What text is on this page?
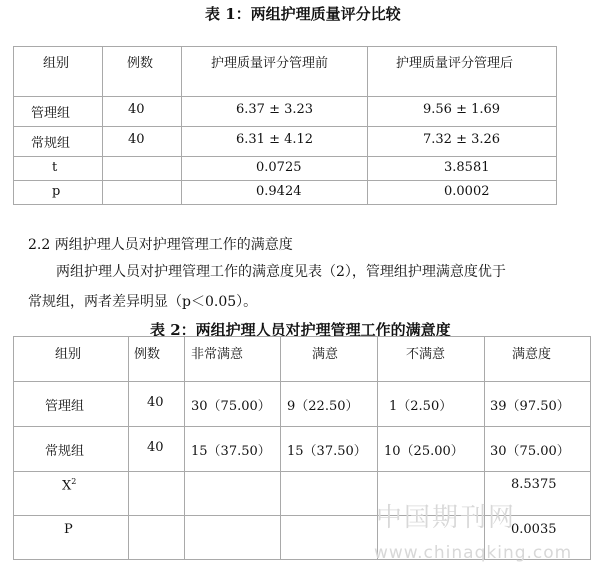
表 1：两组护理质量评分比较
组别	例数	护理质量评分管理前	护理质量评分管理后

管理组	40	6.37 ± 3.23	9.56 ± 1.69

常规组	40	6.31 ± 4.12	7.32 ± 3.26

t		0.0725	3.8581

p		0.9424	0.0002
2.2 两组护理人员对护理管理工作的满意度
两组护理人员对护理管理工作的满意度见表（2），管理组护理满意度优于
常规组，两者差异明显（p＜0.05）。
表 2：两组护理人员对护理管理工作的满意度
组别	例数	非常满意	满意	不满意	满意度

管理组	40	30（75.00）	9（22.50）	1（2.50）	39（97.50）

常规组	40	15（37.50）	15（37.50）	10（25.00）	30（75.00）

$X^2$					8.5375

P					0.0035
中国期刊网
www.chinaqking.com
